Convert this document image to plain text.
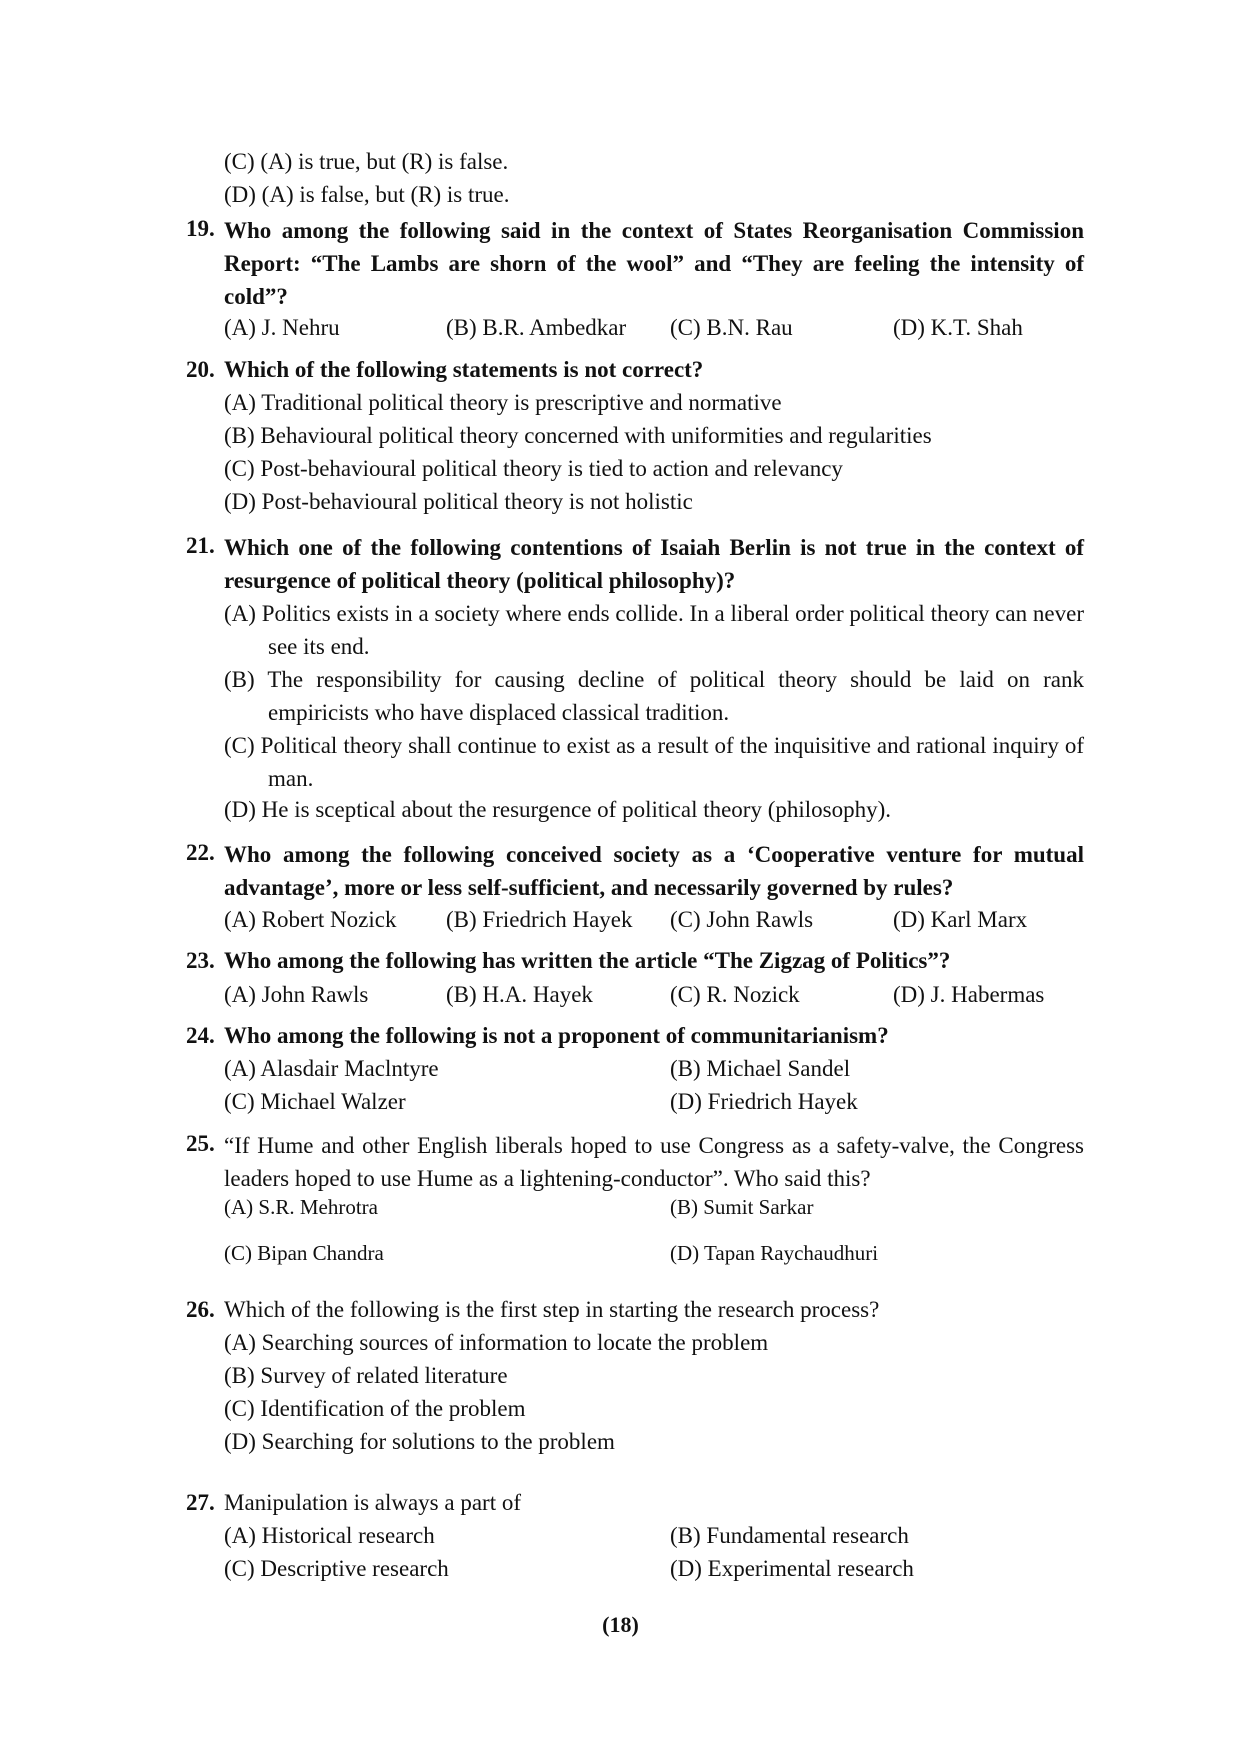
(C) (A) is true, but (R) is false.
(D) (A) is false, but (R) is true.
19. Who among the following said in the context of States Reorganisation Commission Report: “The Lambs are shorn of the wool” and “They are feeling the intensity of cold”?
(A) J. Nehru	(B) B.R. Ambedkar (C) B.N. Rau	(D) K.T. Shah
20. Which of the following statements is not correct?
(A) Traditional political theory is prescriptive and normative
(B) Behavioural political theory concerned with uniformities and regularities
(C) Post-behavioural political theory is tied to action and relevancy
(D) Post-behavioural political theory is not holistic
21. Which one of the following contentions of Isaiah Berlin is not true in the context of resurgence of political theory (political philosophy)?
(A) Politics exists in a society where ends collide. In a liberal order political theory can never see its end.
(B) The responsibility for causing decline of political theory should be laid on rank empiricists who have displaced classical tradition.
(C) Political theory shall continue to exist as a result of the inquisitive and rational inquiry of man.
(D) He is sceptical about the resurgence of political theory (philosophy).
22. Who among the following conceived society as a ‘Cooperative venture for mutual advantage’, more or less self-sufficient, and necessarily governed by rules?
(A) Robert Nozick (B) Friedrich Hayek (C) John Rawls	(D) Karl Marx
23. Who among the following has written the article “The Zigzag of Politics”?
(A) John Rawls	(B) H.A. Hayek	(C) R. Nozick	(D) J. Habermas
24. Who among the following is not a proponent of communitarianism?
(A) Alasdair Maclntyre	(B) Michael Sandel
(C) Michael Walzer	(D) Friedrich Hayek
25. “If Hume and other English liberals hoped to use Congress as a safety-valve, the Congress leaders hoped to use Hume as a lightening-conductor”. Who said this?
(A) S.R. Mehrotra	(B) Sumit Sarkar
(C) Bipan Chandra	(D) Tapan Raychaudhuri
26. Which of the following is the first step in starting the research process?
(A) Searching sources of information to locate the problem
(B) Survey of related literature
(C) Identification of the problem
(D) Searching for solutions to the problem
27. Manipulation is always a part of
(A) Historical research	(B) Fundamental research
(C) Descriptive research	(D) Experimental research
(18)
